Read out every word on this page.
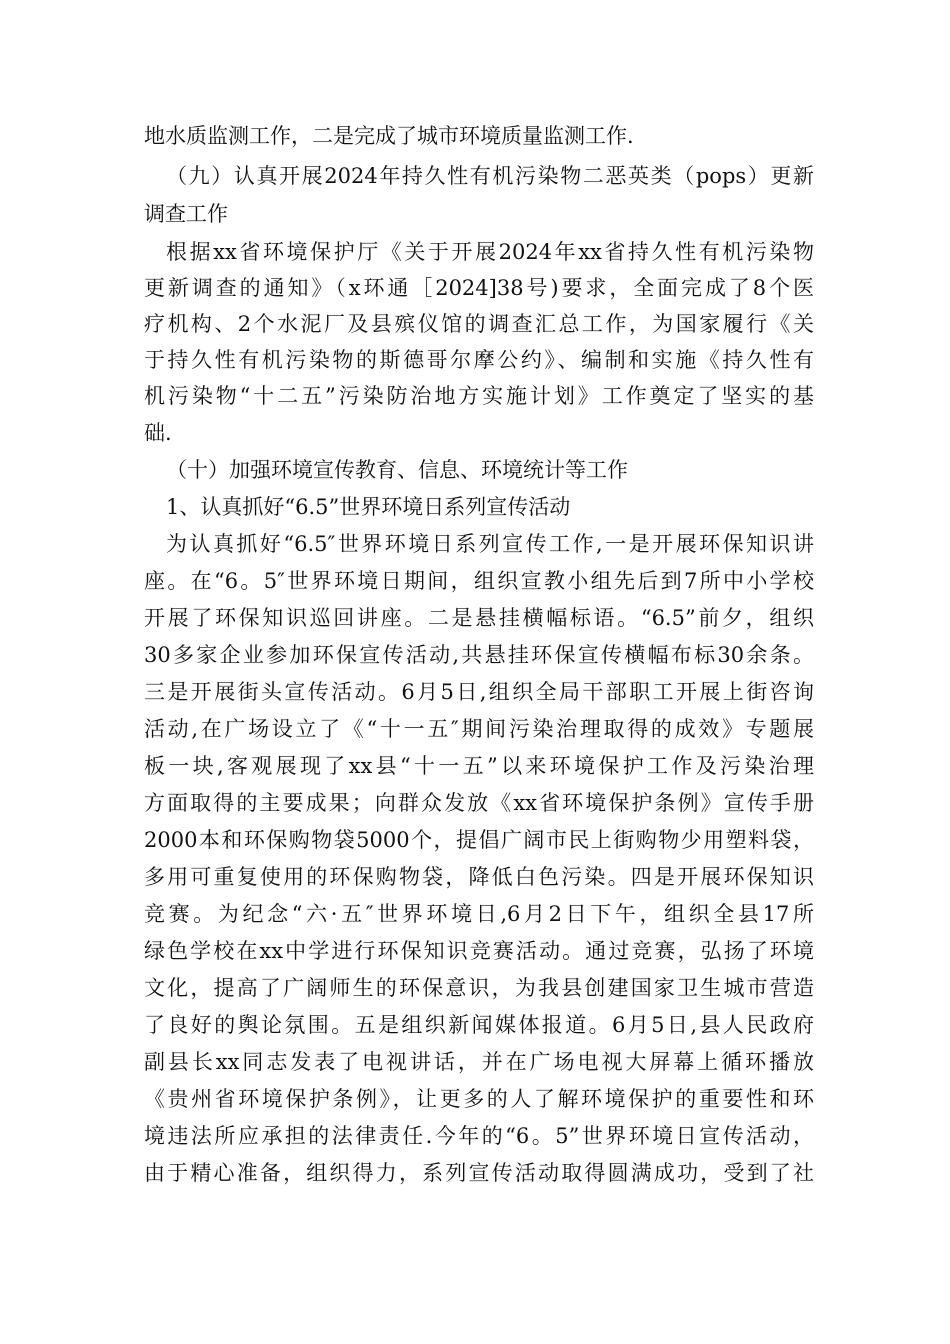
地水质监测工作，二是完成了城市环境质量监测工作.
（九）认真开展2024年持久性有机污染物二恶英类（pops）更新
调查工作
根据xx省环境保护厅《关于开展2024年xx省持久性有机污染物
更新调查的通知》（x环通［2024]38号)要求，全面完成了8个医
疗机构、2个水泥厂及县殡仪馆的调查汇总工作，为国家履行《关
于持久性有机污染物的斯德哥尔摩公约》、编制和实施《持久性有
机污染物“十二五”污染防治地方实施计划》工作奠定了坚实的基
础.
（十）加强环境宣传教育、信息、环境统计等工作
1、认真抓好“6.5”世界环境日系列宣传活动
为认真抓好“6.5″世界环境日系列宣传工作,一是开展环保知识讲
座。在“6。5″世界环境日期间，组织宣教小组先后到7所中小学校
开展了环保知识巡回讲座。二是悬挂横幅标语。“6.5”前夕，组织
30多家企业参加环保宣传活动,共悬挂环保宣传横幅布标30余条。
三是开展街头宣传活动。6月5日,组织全局干部职工开展上街咨询
活动,在广场设立了《“十一五″期间污染治理取得的成效》专题展
板一块,客观展现了xx县“十一五”以来环境保护工作及污染治理
方面取得的主要成果；向群众发放《xx省环境保护条例》宣传手册
2000本和环保购物袋5000个，提倡广阔市民上街购物少用塑料袋，
多用可重复使用的环保购物袋，降低白色污染。四是开展环保知识
竞赛。为纪念“六·五″世界环境日,6月2日下午，组织全县17所
绿色学校在xx中学进行环保知识竞赛活动。通过竞赛，弘扬了环境
文化，提高了广阔师生的环保意识，为我县创建国家卫生城市营造
了良好的舆论氛围。五是组织新闻媒体报道。6月5日,县人民政府
副县长xx同志发表了电视讲话，并在广场电视大屏幕上循环播放
《贵州省环境保护条例》，让更多的人了解环境保护的重要性和环
境违法所应承担的法律责任.今年的“6。5”世界环境日宣传活动，
由于精心准备，组织得力，系列宣传活动取得圆满成功，受到了社
